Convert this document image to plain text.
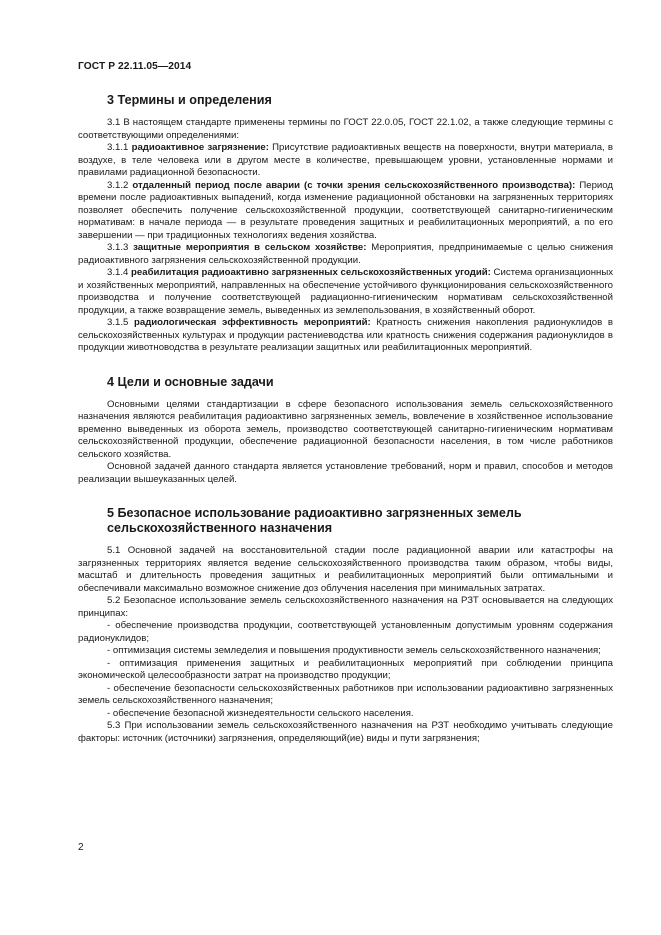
ГОСТ Р 22.11.05—2014
3 Термины и определения

3.1 В настоящем стандарте применены термины по ГОСТ 22.0.05, ГОСТ 22.1.02, а также следующие термины с соответствующими определениями:

3.1.1 радиоактивное загрязнение: Присутствие радиоактивных веществ на поверхности, внутри материала, в воздухе, в теле человека или в другом месте в количестве, превышающем уровни, установленные нормами и правилами радиационной безопасности.

3.1.2 отдаленный период после аварии (с точки зрения сельскохозяйственного производства): Период времени после радиоактивных выпадений, когда изменение радиационной обстановки на загрязненных территориях позволяет обеспечить получение сельскохозяйственной продукции, соответствующей санитарно-гигиеническим нормативам: в начале периода — в результате проведения защитных и реабилитационных мероприятий, а по его завершении — при традиционных технологиях ведения хозяйства.

3.1.3 защитные мероприятия в сельском хозяйстве: Мероприятия, предпринимаемые с целью снижения радиоактивного загрязнения сельскохозяйственной продукции.

3.1.4 реабилитация радиоактивно загрязненных сельскохозяйственных угодий: Система организационных и хозяйственных мероприятий, направленных на обеспечение устойчивого функционирования сельскохозяйственного производства и получение соответствующей радиационно-гигиеническим нормативам сельскохозяйственной продукции, а также возвращение земель, выведенных из землепользования, в хозяйственный оборот.

3.1.5 радиологическая эффективность мероприятий: Кратность снижения накопления радионуклидов в сельскохозяйственных культурах и продукции растениеводства или кратность снижения содержания радионуклидов в продукции животноводства в результате реализации защитных или реабилитационных мероприятий.

4 Цели и основные задачи

Основными целями стандартизации в сфере безопасного использования земель сельскохозяйственного назначения являются реабилитация радиоактивно загрязненных земель, вовлечение в хозяйственное использование временно выведенных из оборота земель, производство соответствующей санитарно-гигиеническим нормативам сельскохозяйственной продукции, обеспечение радиационной безопасности населения, в том числе работников сельского хозяйства.

Основной задачей данного стандарта является установление требований, норм и правил, способов и методов реализации вышеуказанных целей.

5 Безопасное использование радиоактивно загрязненных земель
сельскохозяйственного назначения

5.1 Основной задачей на восстановительной стадии после радиационной аварии или катастрофы на загрязненных территориях является ведение сельскохозяйственного производства таким образом, чтобы виды, масштаб и длительность проведения защитных и реабилитационных мероприятий были оптимальными и обеспечивали максимально возможное снижение доз облучения населения при минимальных затратах.

5.2 Безопасное использование земель сельскохозяйственного назначения на РЗТ основывается на следующих принципах:

- обеспечение производства продукции, соответствующей установленным допустимым уровням содержания радионуклидов;

- оптимизация системы земледелия и повышения продуктивности земель сельскохозяйственного назначения;

- оптимизация применения защитных и реабилитационных мероприятий при соблюдении принципа экономической целесообразности затрат на производство продукции;

- обеспечение безопасности сельскохозяйственных работников при использовании радиоактивно загрязненных земель сельскохозяйственного назначения;

- обеспечение безопасной жизнедеятельности сельского населения.

5.3 При использовании земель сельскохозяйственного назначения на РЗТ необходимо учитывать следующие факторы: источник (источники) загрязнения, определяющий(ие) виды и пути загрязнения;

2
